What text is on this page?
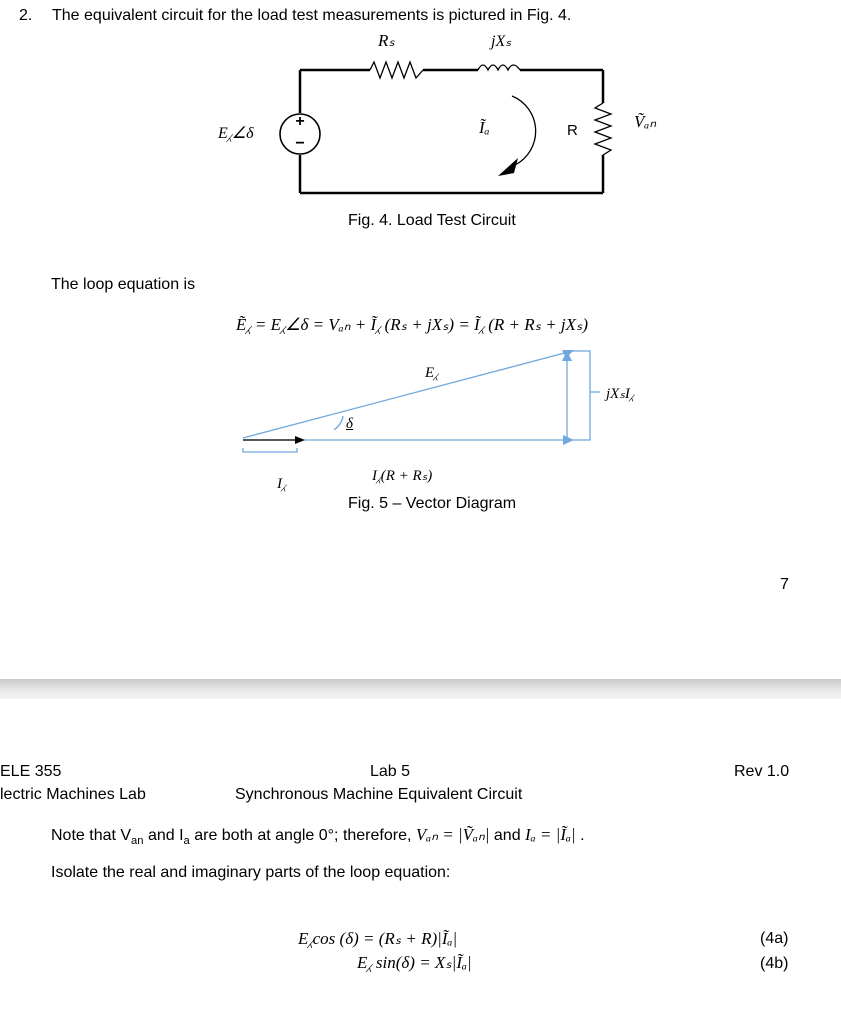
2. The equivalent circuit for the load test measurements is pictured in Fig. 4.
Rₛ	jXₛ
E⁁∠δ
+
−
Ĩₐ	R	Ṽₐₙ
Fig. 4. Load Test Circuit
The loop equation is
Ẽ⁁ = E⁁∠δ = Vₐₙ + Ĩ⁁ (Rₛ + jXₛ) = Ĩ⁁ (R + Rₛ + jXₛ)
E⁁
jXₛI⁁
δ
I⁁	I⁁(R + Rₛ)
Fig. 5 – Vector Diagram
7
ELE 355
lectric Machines Lab
Lab 5
Synchronous Machine Equivalent Circuit
Rev 1.0
Note that $V_{an}$ and $I_a$ are both at angle 0°; therefore, Vₐₙ = |Ṽₐₙ| and Iₐ = |Ĩₐ| .
Isolate the real and imaginary parts of the loop equation:
E⁁cos (δ) = (Rₛ + R)|Ĩₐ|	(4a)
E⁁ sin(δ) = Xₛ|Ĩₐ|	(4b)
